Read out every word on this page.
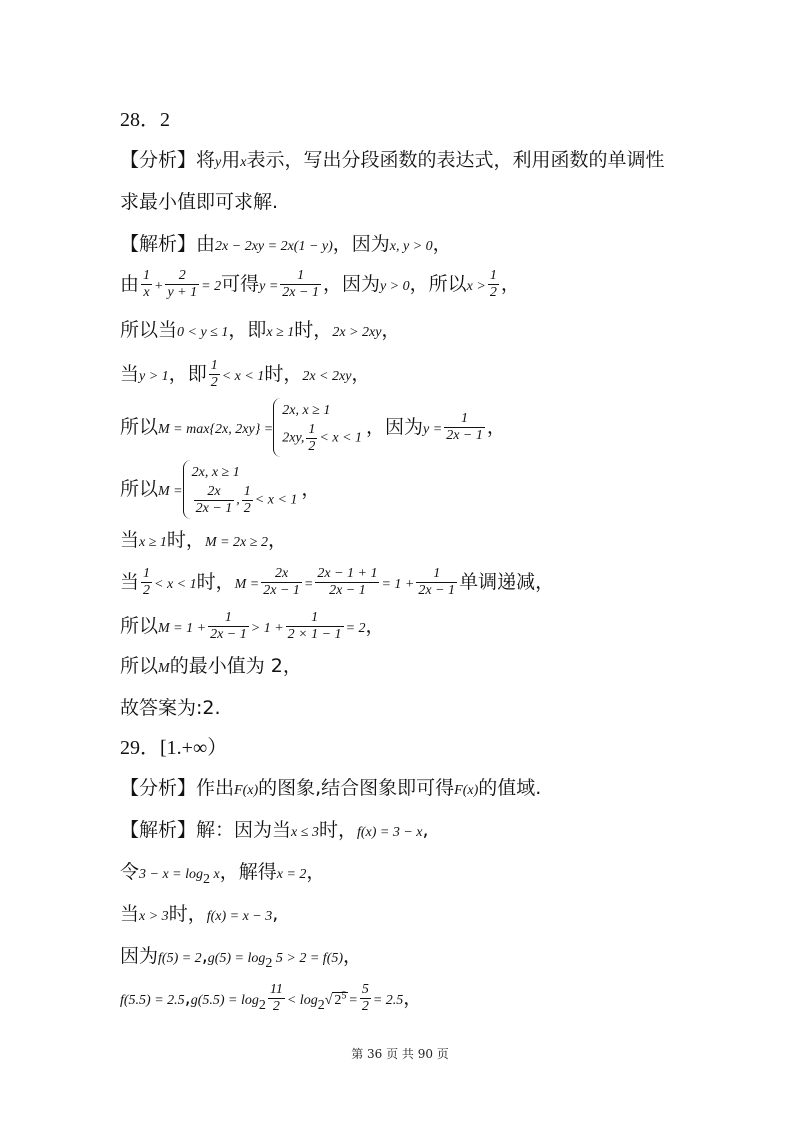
28．2
【分析】将y用x表示，写出分段函数的表达式，利用函数的单调性
求最小值即可求解.
【解析】由2x − 2xy = 2x(1 − y)，因为x, y > 0，
由 $\frac{1}{x} + \frac{2}{y + 1} = 2$可得$y = \frac{1}{2x - 1}$ ，因为y > 0，所以$x > \frac{1}{2}$ ，
所以当0 < y ≤ 1，即x ≥ 1时，2x > 2xy，
当y > 1，即 $\frac{1}{2} < x < 1$时，2x < 2xy，
所以M = max{2x, 2xy} =
2x, x ≥ 1
2xy, $\frac{1}{2} < x < 1$
，因为$y = \frac{1}{2x - 1}$ ，
所以M =
2x, x ≥ 1
$\frac{2x}{2x - 1}$ , $\frac{1}{2} < x < 1$
，
当x ≥ 1时，M = 2x ≥ 2，
当 $\frac{1}{2} < x < 1$时，$M = \frac{2x}{2x - 1} = \frac{2x - 1 + 1}{2x - 1} = 1 + \frac{1}{2x - 1}$ 单调递减，
所以$M = 1 + \frac{1}{2x - 1} > 1 + \frac{1}{2 \times 1 - 1} = 2$，
所以M的最小值为 2，
故答案为:2.
29．[1.+∞）
【分析】作出F(x)的图象,结合图象即可得F(x)的值域.
【解析】解：因为当x ≤ 3时，f(x) = 3 − x,
令$3 - x = \log_2 x$，解得x = 2，
当x > 3时，f(x) = x − 3,
因为$f(5) = 2,g(5) = \log_2 5 > 2 = f(5)$，
$f(5.5) = 2.5,g(5.5) = \log_2 \frac{11}{2} < \log_2√$ $2^5 = \frac{5}{2} = 2.5$，
第 36 页 共 90 页
